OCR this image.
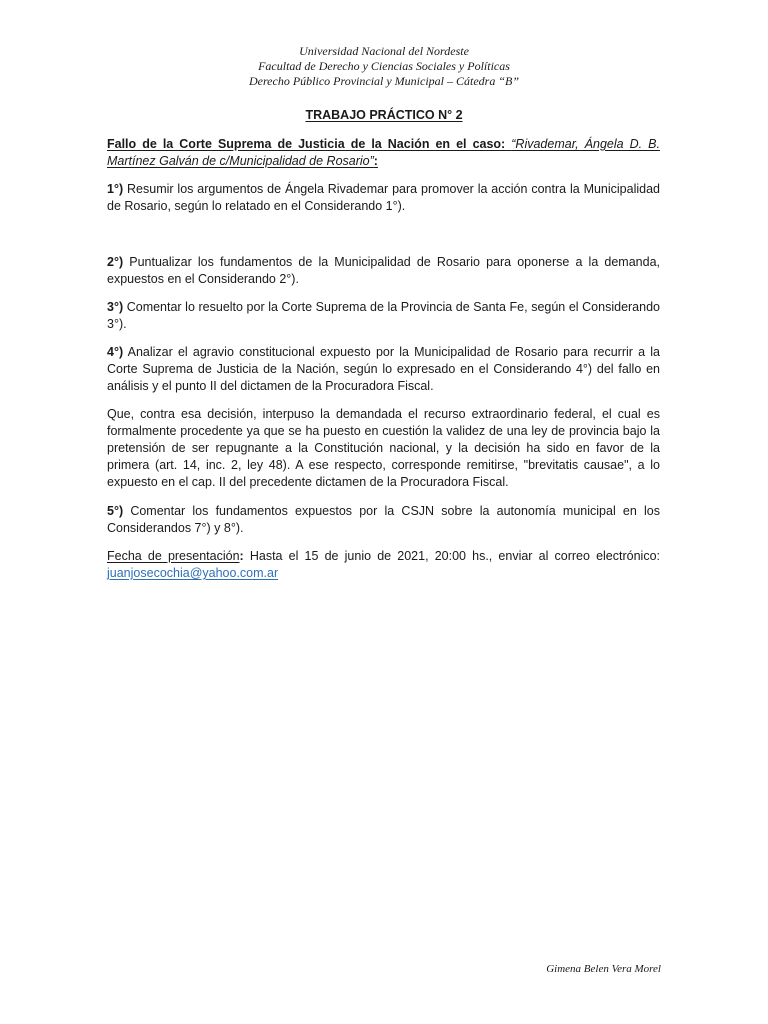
Universidad Nacional del Nordeste
Facultad de Derecho y Ciencias Sociales y Políticas
Derecho Público Provincial y Municipal – Cátedra “B”
TRABAJO PRÁCTICO N° 2
Fallo de la Corte Suprema de Justicia de la Nación en el caso: “Rivademar, Ángela D. B. Martínez Galván de c/Municipalidad de Rosario”:
1°) Resumir los argumentos de Ángela Rivademar para promover la acción contra la Municipalidad de Rosario, según lo relatado en el Considerando 1°).
2°) Puntualizar los fundamentos de la Municipalidad de Rosario para oponerse a la demanda, expuestos en el Considerando 2°).
3°) Comentar lo resuelto por la Corte Suprema de la Provincia de Santa Fe, según el Considerando 3°).
4°) Analizar el agravio constitucional expuesto por la Municipalidad de Rosario para recurrir a la Corte Suprema de Justicia de la Nación, según lo expresado en el Considerando 4°) del fallo en análisis y el punto II del dictamen de la Procuradora Fiscal.
Que, contra esa decisión, interpuso la demandada el recurso extraordinario federal, el cual es formalmente procedente ya que se ha puesto en cuestión la validez de una ley de provincia bajo la pretensión de ser repugnante a la Constitución nacional, y la decisión ha sido en favor de la primera (art. 14, inc. 2, ley 48). A ese respecto, corresponde remitirse, "brevitatis causae", a lo expuesto en el cap. II del precedente dictamen de la Procuradora Fiscal.
5°) Comentar los fundamentos expuestos por la CSJN sobre la autonomía municipal en los Considerandos 7°) y 8°).
Fecha de presentación: Hasta el 15 de junio de 2021, 20:00 hs., enviar al correo electrónico: juanjosecochia@yahoo.com.ar
Gimena Belen Vera Morel
